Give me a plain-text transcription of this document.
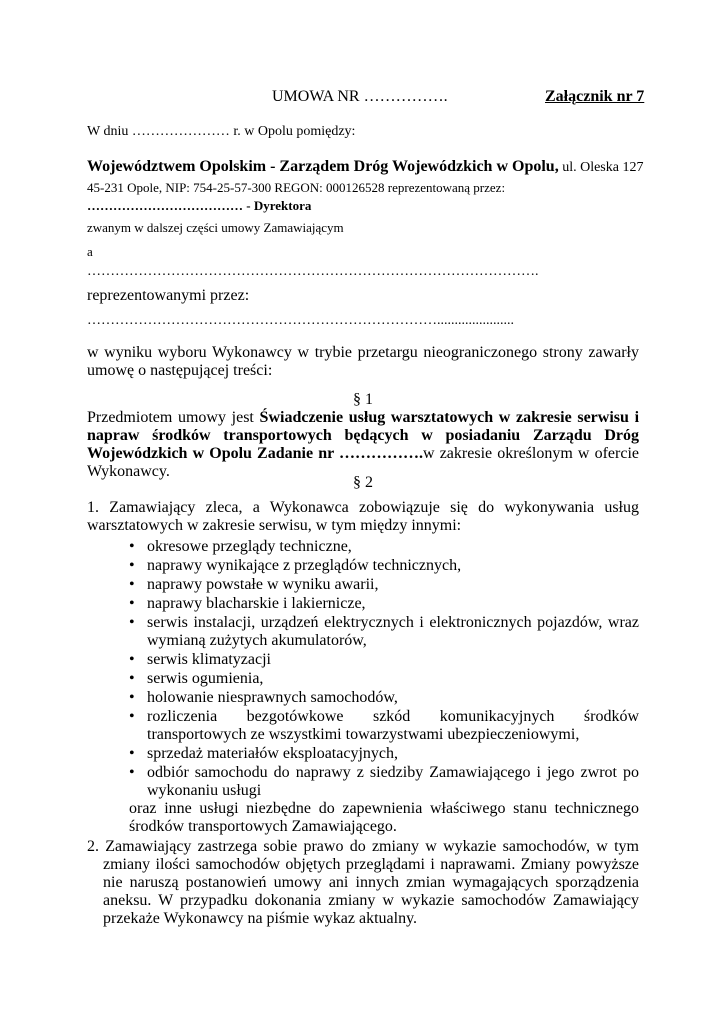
UMOWA NR …………….	Załącznik nr 7
W dniu ………………… r. w Opolu pomiędzy:
Województwem Opolskim - Zarządem Dróg Wojewódzkich w Opolu, ul. Oleska 127
45-231 Opole, NIP: 754-25-57-300 REGON: 000126528 reprezentowaną przez:
……………………………… - Dyrektora
zwanym w dalszej części umowy Zamawiającym
a
…………………………………………………………………………………….
reprezentowanymi przez:
…………………………………………………………………......................
w wyniku wyboru Wykonawcy w trybie przetargu nieograniczonego strony zawarły umowę o następującej treści:
§ 1
Przedmiotem umowy jest Świadczenie usług warsztatowych w zakresie serwisu i napraw środków transportowych będących w posiadaniu Zarządu Dróg Wojewódzkich w Opolu Zadanie nr …………….w zakresie określonym w ofercie Wykonawcy.
§ 2
1. Zamawiający zleca, a Wykonawca zobowiązuje się do wykonywania usług warsztatowych w zakresie serwisu, w tym między innymi:
• okresowe przeglądy techniczne,
• naprawy wynikające z przeglądów technicznych,
• naprawy powstałe w wyniku awarii,
• naprawy blacharskie i lakiernicze,
• serwis instalacji, urządzeń elektrycznych i elektronicznych pojazdów, wraz wymianą zużytych akumulatorów,
• serwis klimatyzacji
• serwis ogumienia,
• holowanie niesprawnych samochodów,
• rozliczenia bezgotówkowe szkód komunikacyjnych środków transportowych ze wszystkimi towarzystwami ubezpieczeniowymi,
• sprzedaż materiałów eksploatacyjnych,
• odbiór samochodu do naprawy z siedziby Zamawiającego i jego zwrot po wykonaniu usługi
oraz inne usługi niezbędne do zapewnienia właściwego stanu technicznego środków transportowych Zamawiającego.
2. Zamawiający zastrzega sobie prawo do zmiany w wykazie samochodów, w tym zmiany ilości samochodów objętych przeglądami i naprawami. Zmiany powyższe nie naruszą postanowień umowy ani innych zmian wymagających sporządzenia aneksu. W przypadku dokonania zmiany w wykazie samochodów Zamawiający przekaże Wykonawcy na piśmie wykaz aktualny.
